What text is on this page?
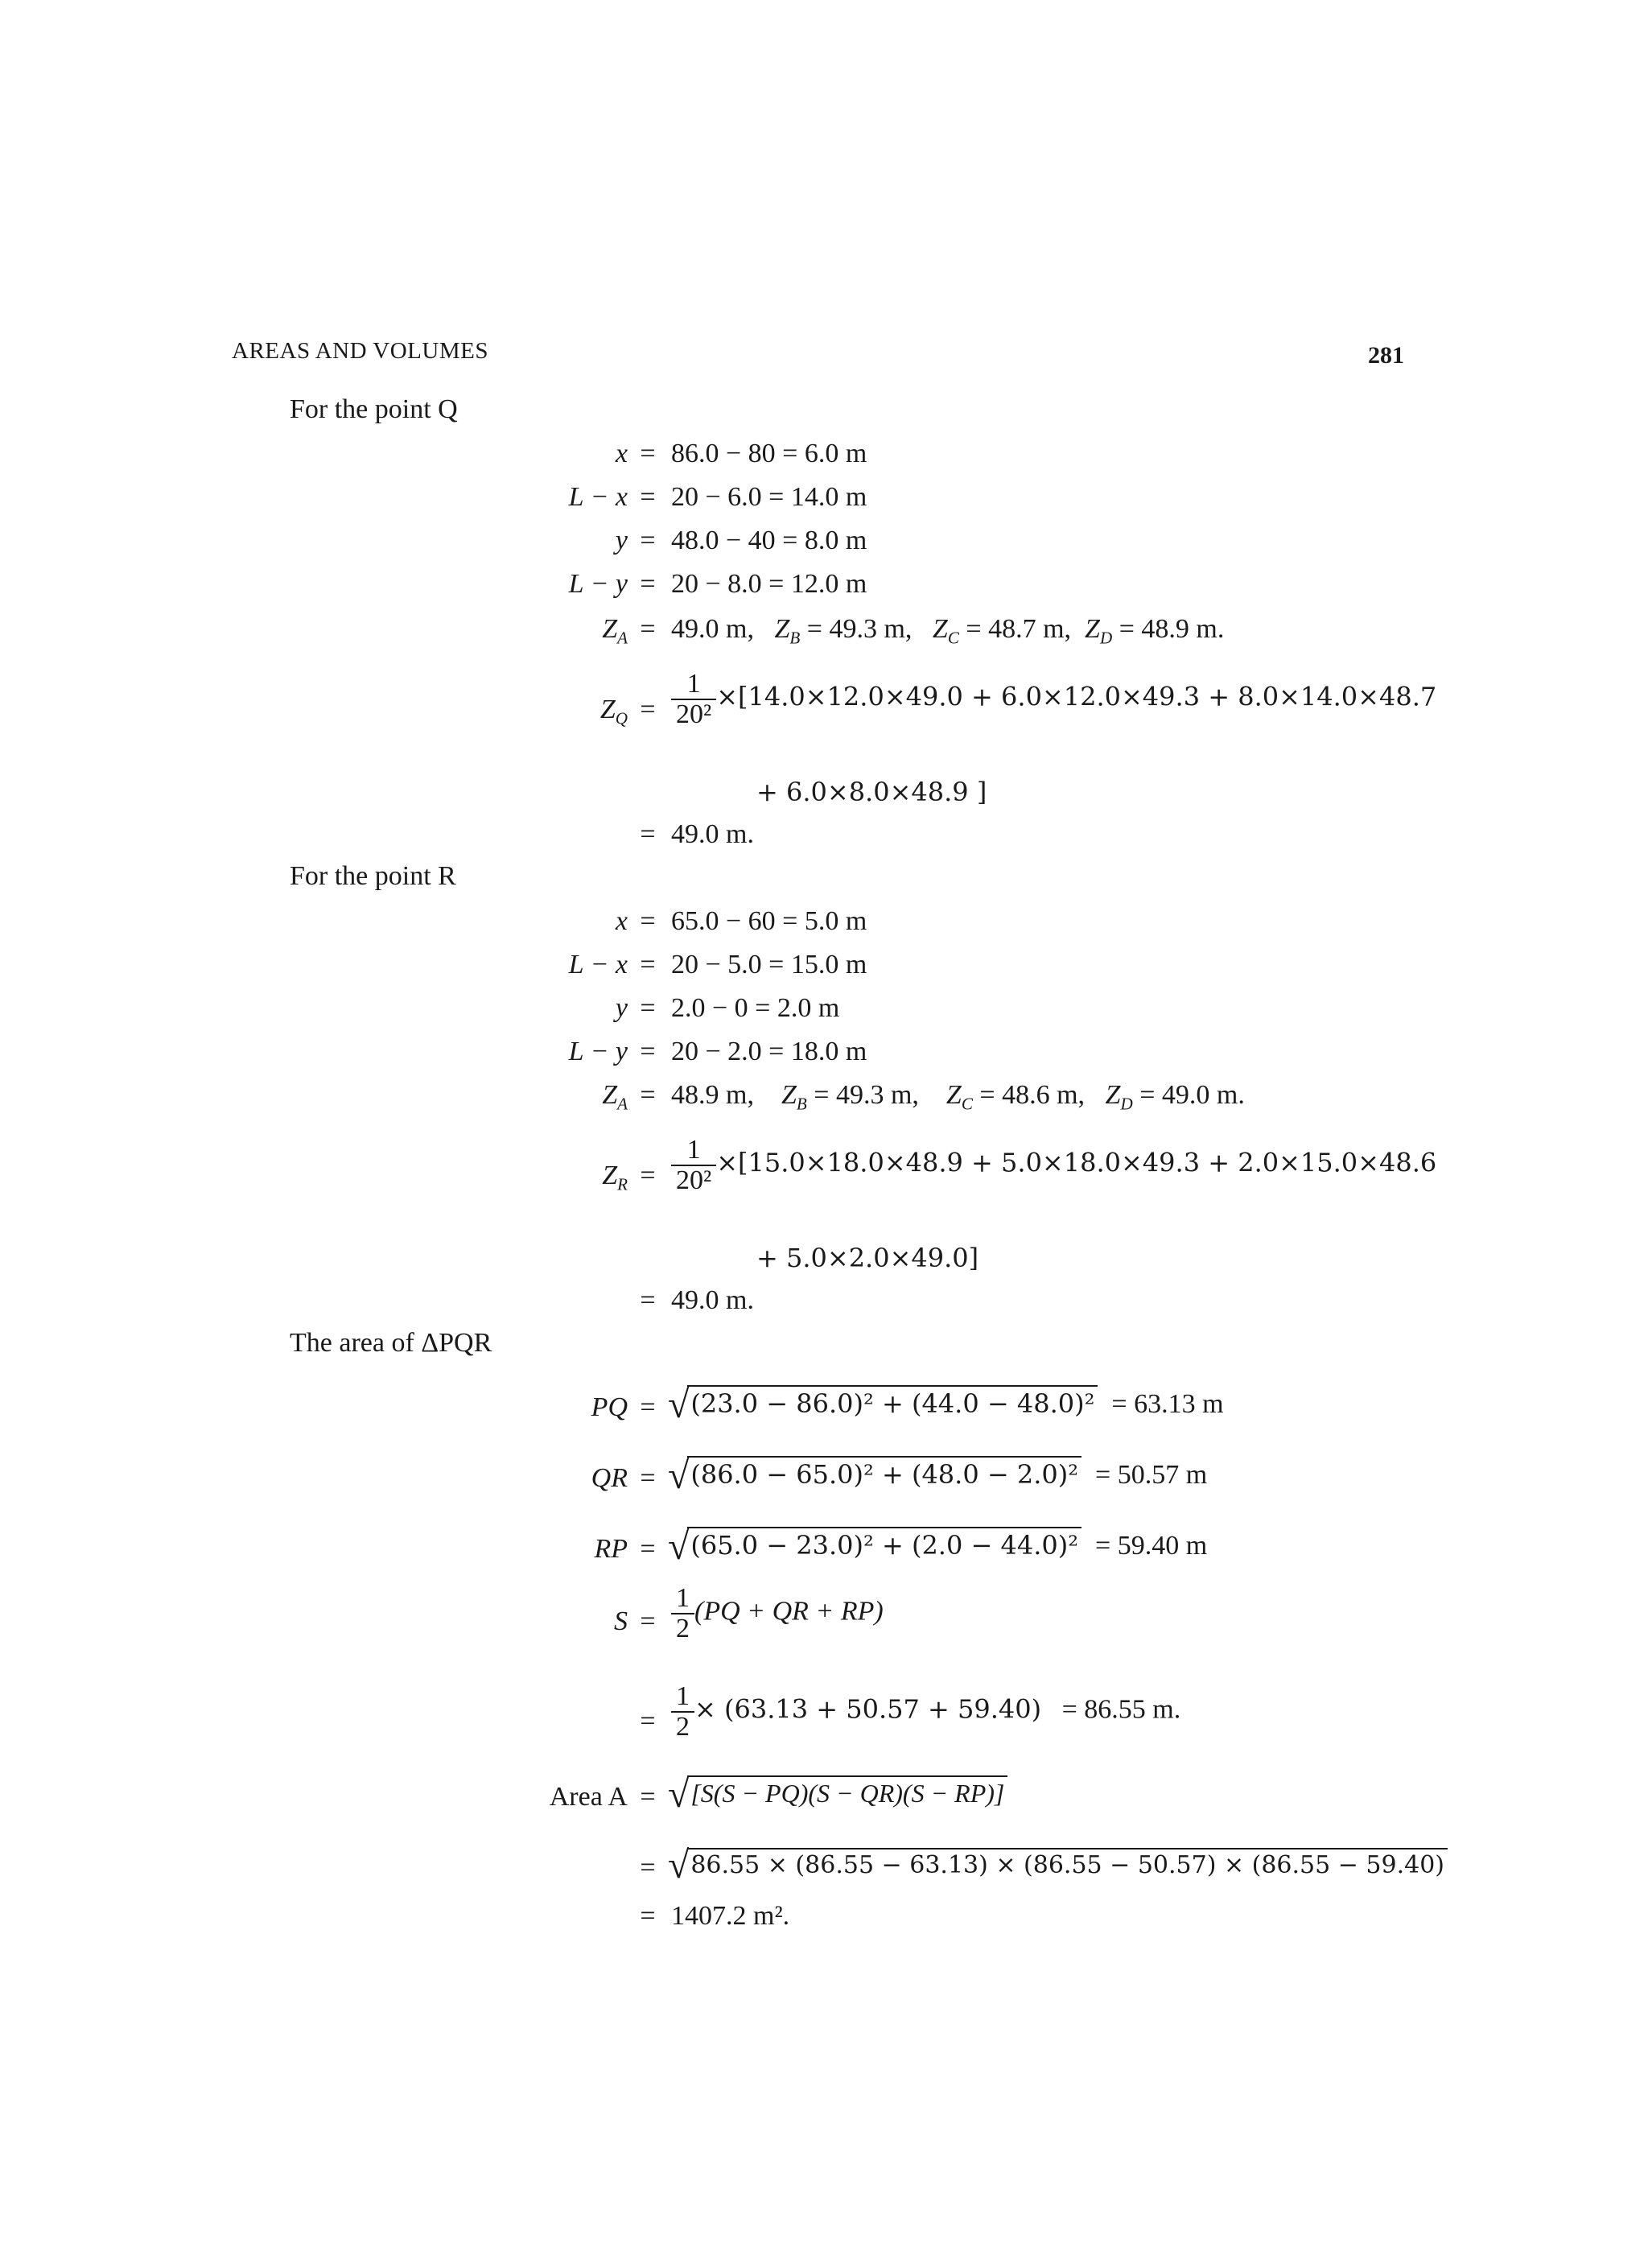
AREAS AND VOLUMES	281
For the point Q
x = 86.0 − 80 = 6.0 m
L − x = 20 − 6.0 = 14.0 m
y = 48.0 − 40 = 8.0 m
L − y = 20 − 8.0 = 12.0 m
$Z_A = 49.0$ m, $Z_B = 49.3$ m, $Z_C = 48.7$ m, $Z_D = 48.9$ m.
$Z_Q = \frac{1}{\text{20²}} \times[14.0\times 12.0\times 49.0 + 6.0\times 12.0\times 49.3 + 8.0\times 14.0\times 48.7$
+ 6.0×8.0×48.9 ]
= 49.0 m.
For the point R
x = 65.0 − 60 = 5.0 m
L − x = 20 − 5.0 = 15.0 m
y = 2.0 − 0 = 2.0 m
L − y = 20 − 2.0 = 18.0 m
$Z_A = 48.9$ m, $Z_B = 49.3$ m, $Z_C = 48.6$ m, $Z_D = 49.0$ m.
$Z_R = \frac{1}{\text{20²}} \times[15.0\times 18.0\times 48.9 + 5.0\times 18.0\times 49.3 + 2.0\times 15.0\times 48.6$
+ 5.0×2.0×49.0]
= 49.0 m.
The area of ΔPQR
PQ = √(23.0 − 86.0)² + (44.0 − 48.0)² = 63.13 m
QR = √(86.0 − 65.0)² + (48.0 − 2.0)² = 50.57 m
RP = √(65.0 − 23.0)² + (2.0 − 44.0)² = 59.40 m
$S = \frac{1}{2} (PQ$ + QR + RP)
= $\frac{1}{2} \times (63.13 + 50.57 + 59.40) = 86.55$ m.
Area A = √[S(S − PQ)(S − QR)(S − RP)]
= √86.55 × (86.55 − 63.13) × (86.55 − 50.57) × (86.55 − 59.40)
= 1407.2 m².
